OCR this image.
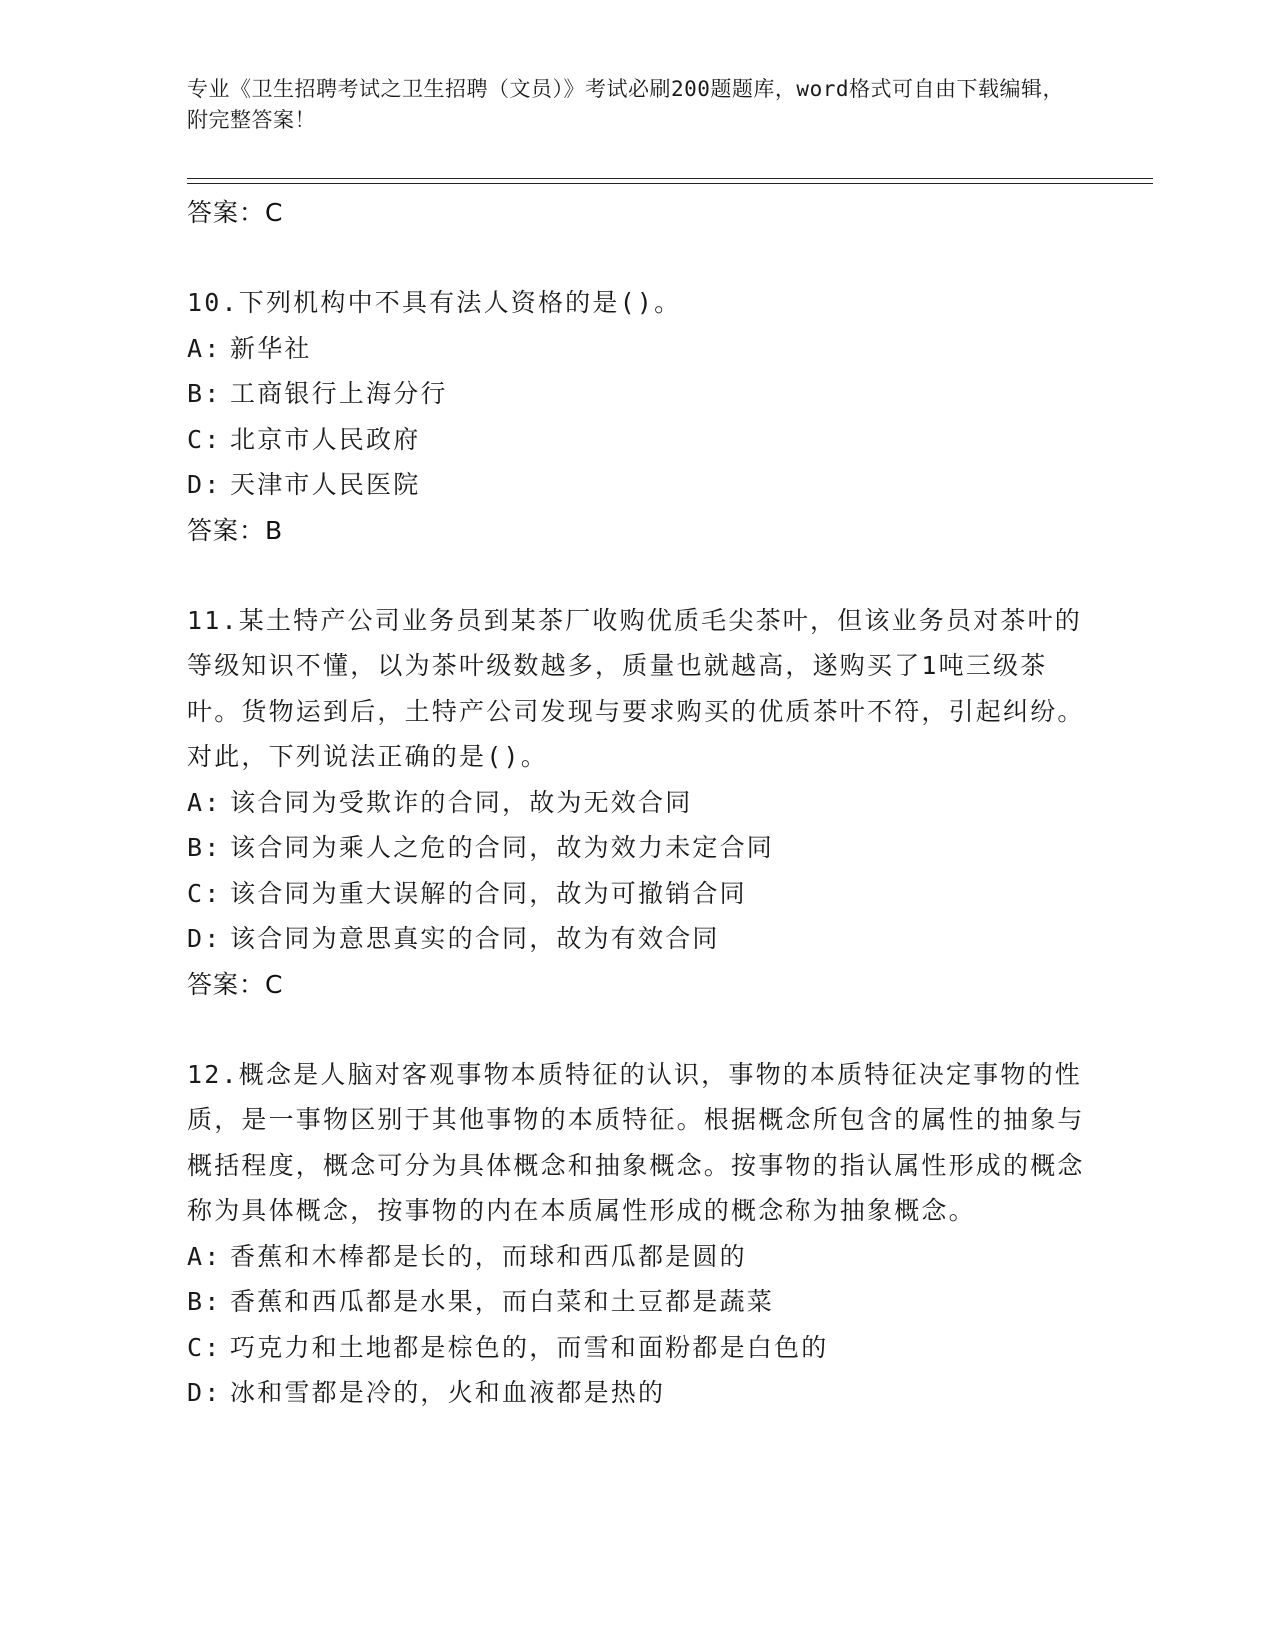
专业《卫生招聘考试之卫生招聘（文员）》考试必刷200题题库，word格式可自由下载编辑，附完整答案！
答案：C
10.下列机构中不具有法人资格的是()。
A: 新华社
B: 工商银行上海分行
C: 北京市人民政府
D: 天津市人民医院
答案：B
11.某土特产公司业务员到某茶厂收购优质毛尖茶叶，但该业务员对茶叶的等级知识不懂，以为茶叶级数越多，质量也就越高，遂购买了1吨三级茶叶。货物运到后，土特产公司发现与要求购买的优质茶叶不符，引起纠纷。对此，下列说法正确的是()。
A: 该合同为受欺诈的合同，故为无效合同
B: 该合同为乘人之危的合同，故为效力未定合同
C: 该合同为重大误解的合同，故为可撤销合同
D: 该合同为意思真实的合同，故为有效合同
答案：C
12.概念是人脑对客观事物本质特征的认识，事物的本质特征决定事物的性质，是一事物区别于其他事物的本质特征。根据概念所包含的属性的抽象与概括程度，概念可分为具体概念和抽象概念。按事物的指认属性形成的概念称为具体概念，按事物的内在本质属性形成的概念称为抽象概念。
A: 香蕉和木棒都是长的，而球和西瓜都是圆的
B: 香蕉和西瓜都是水果，而白菜和土豆都是蔬菜
C: 巧克力和土地都是棕色的，而雪和面粉都是白色的
D: 冰和雪都是冷的，火和血液都是热的
